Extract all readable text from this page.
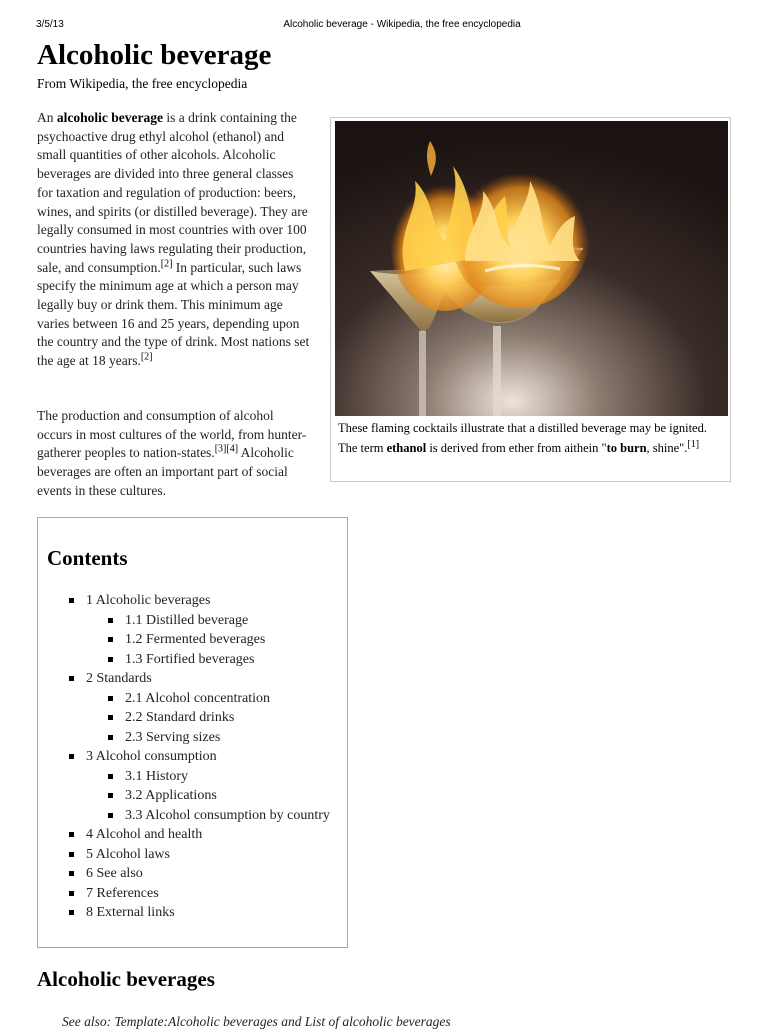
3/5/13	Alcoholic beverage - Wikipedia, the free encyclopedia
Alcoholic beverage
From Wikipedia, the free encyclopedia

An alcoholic beverage is a drink containing the psychoactive drug ethyl alcohol (ethanol) and small quantities of other alcohols. Alcoholic beverages are divided into three general classes for taxation and regulation of production: beers, wines, and spirits (or distilled beverage). They are legally consumed in most countries with over 100 countries having laws regulating their production, sale, and consumption.[2] In particular, such laws specify the minimum age at which a person may legally buy or drink them. This minimum age varies between 16 and 25 years, depending upon the country and the type of drink. Most nations set the age at 18 years.[2]

The production and consumption of alcohol occurs in most cultures of the world, from hunter-gatherer peoples to nation-states.[3][4] Alcoholic beverages are often an important part of social events in these cultures.

These flaming cocktails illustrate that a distilled beverage may be ignited. The term ethanol is derived from ether from aithein "to burn, shine".[1]
Contents
1 Alcoholic beverages
1.1 Distilled beverage
1.2 Fermented beverages
1.3 Fortified beverages
2 Standards
2.1 Alcohol concentration
2.2 Standard drinks
2.3 Serving sizes
3 Alcohol consumption
3.1 History
3.2 Applications
3.3 Alcohol consumption by country
4 Alcohol and health
5 Alcohol laws
6 See also
7 References
8 External links
Alcoholic beverages
See also: Template:Alcoholic beverages and List of alcoholic beverages
